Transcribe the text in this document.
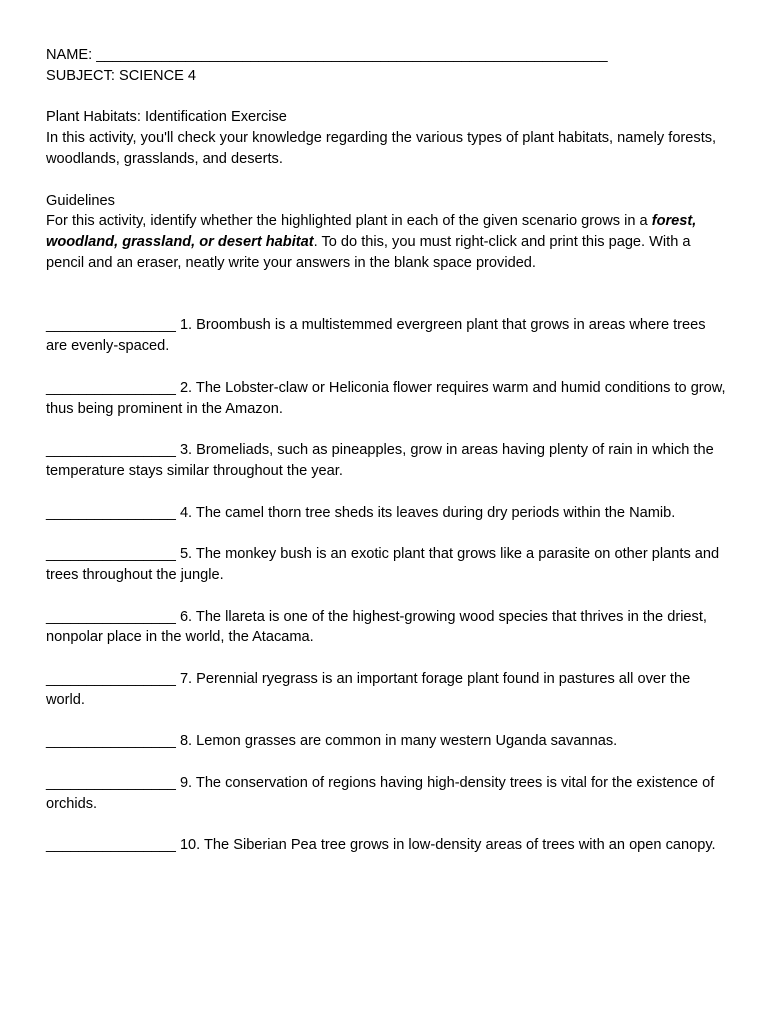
NAME: _______________________________________________________________

SUBJECT: SCIENCE 4

Plant Habitats: Identification Exercise

In this activity, you'll check your knowledge regarding the various types of plant habitats, namely forests, woodlands, grasslands, and deserts.

Guidelines

For this activity, identify whether the highlighted plant in each of the given scenario grows in a forest, woodland, grassland, or desert habitat. To do this, you must right-click and print this page. With a pencil and an eraser, neatly write your answers in the blank space provided.

________________ 1. Broombush is a multistemmed evergreen plant that grows in areas where trees are evenly-spaced.

________________ 2. The Lobster-claw or Heliconia flower requires warm and humid conditions to grow, thus being prominent in the Amazon.

________________ 3. Bromeliads, such as pineapples, grow in areas having plenty of rain in which the temperature stays similar throughout the year.

________________ 4. The camel thorn tree sheds its leaves during dry periods within the Namib.

________________ 5. The monkey bush is an exotic plant that grows like a parasite on other plants and trees throughout the jungle.

________________ 6. The llareta is one of the highest-growing wood species that thrives in the driest, nonpolar place in the world, the Atacama.

________________ 7. Perennial ryegrass is an important forage plant found in pastures all over the world.

________________ 8. Lemon grasses are common in many western Uganda savannas.

________________ 9. The conservation of regions having high-density trees is vital for the existence of orchids.

________________ 10. The Siberian Pea tree grows in low-density areas of trees with an open canopy.
